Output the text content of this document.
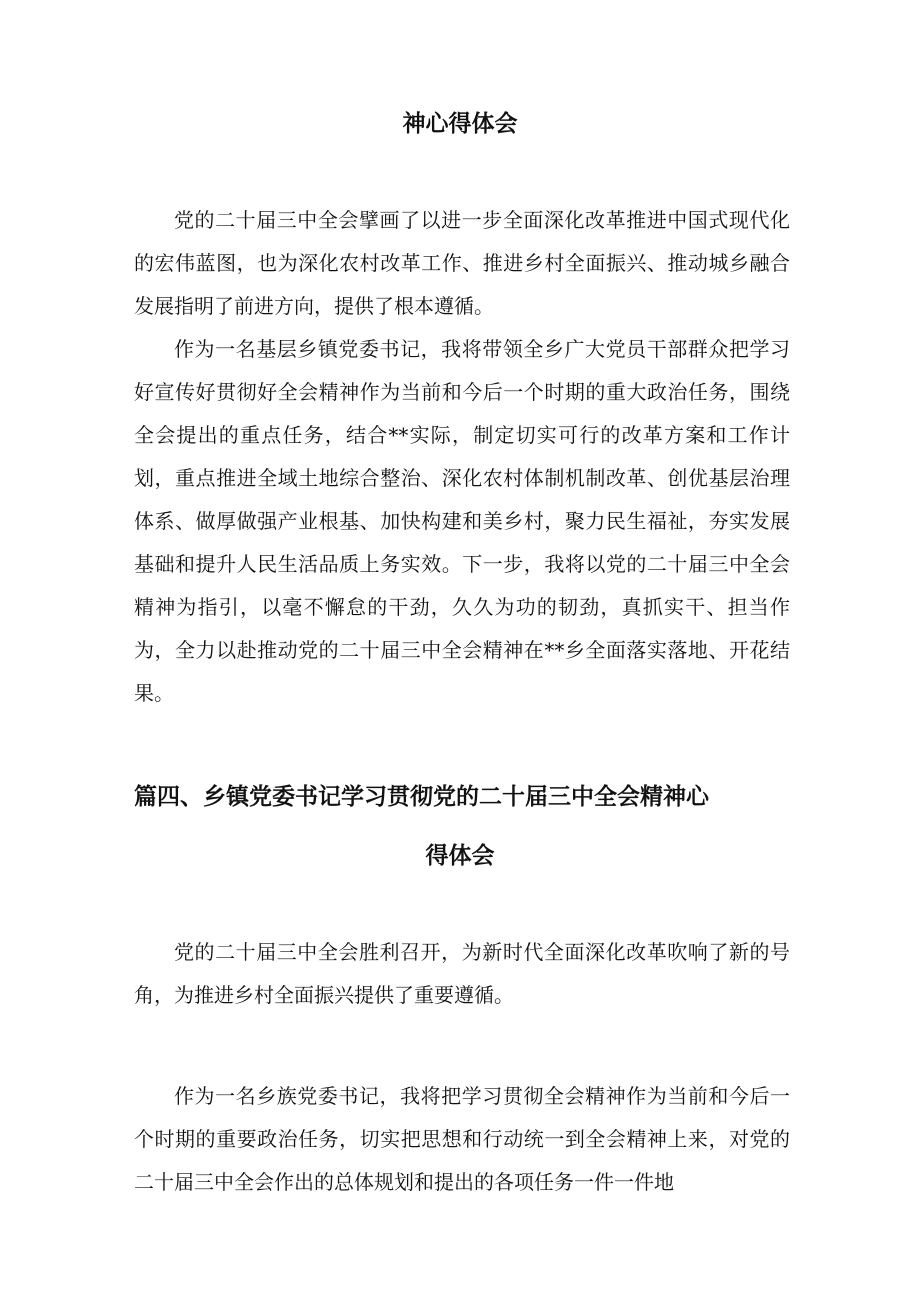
神心得体会

党的二十届三中全会擘画了以进一步全面深化改革推进中国式现代化的宏伟蓝图，也为深化农村改革工作、推进乡村全面振兴、推动城乡融合发展指明了前进方向，提供了根本遵循。

作为一名基层乡镇党委书记，我将带领全乡广大党员干部群众把学习好宣传好贯彻好全会精神作为当前和今后一个时期的重大政治任务，围绕全会提出的重点任务，结合**实际，制定切实可行的改革方案和工作计划，重点推进全域土地综合整治、深化农村体制机制改革、创优基层治理体系、做厚做强产业根基、加快构建和美乡村，聚力民生福祉，夯实发展基础和提升人民生活品质上务实效。下一步，我将以党的二十届三中全会精神为指引，以毫不懈怠的干劲，久久为功的韧劲，真抓实干、担当作为，全力以赴推动党的二十届三中全会精神在**乡全面落实落地、开花结果。

篇四、乡镇党委书记学习贯彻党的二十届三中全会精神心
得体会

党的二十届三中全会胜利召开，为新时代全面深化改革吹响了新的号角，为推进乡村全面振兴提供了重要遵循。

作为一名乡族党委书记，我将把学习贯彻全会精神作为当前和今后一个时期的重要政治任务，切实把思想和行动统一到全会精神上来，对党的二十届三中全会作出的总体规划和提出的各项任务一件一件地
